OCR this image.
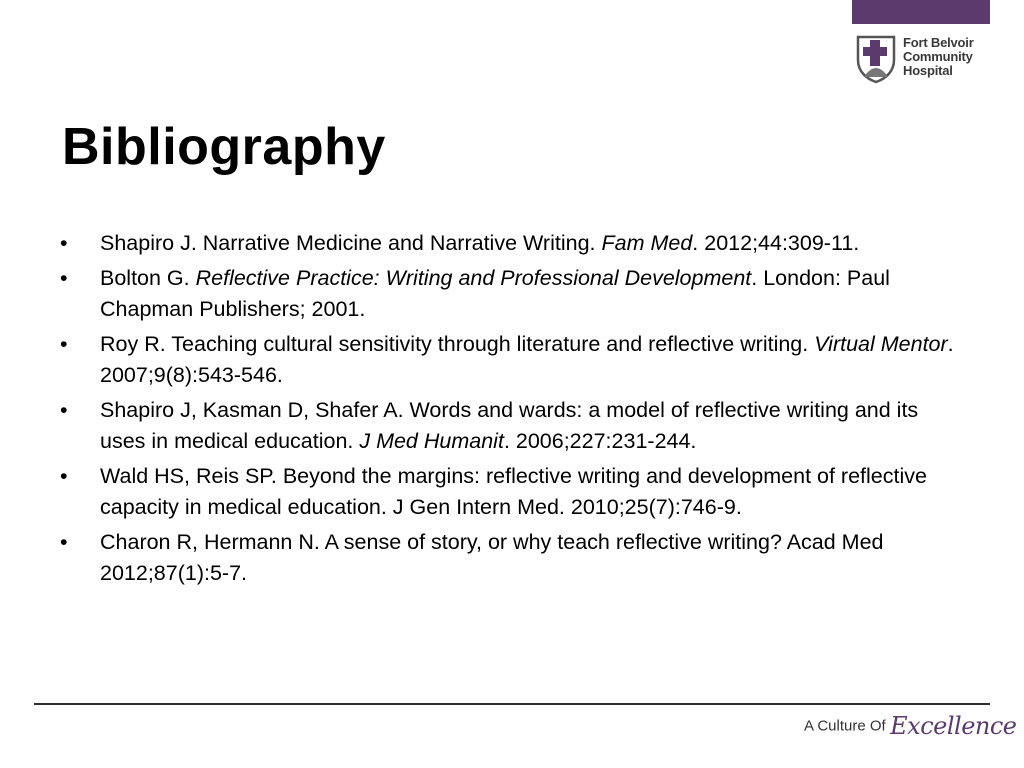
Fort Belvoir
Community
Hospital
Bibliography
•	Shapiro J. Narrative Medicine and Narrative Writing. Fam Med. 2012;44:309-11.
•	Bolton G. Reflective Practice: Writing and Professional Development. London: Paul Chapman Publishers; 2001.
•	Roy R. Teaching cultural sensitivity through literature and reflective writing. Virtual Mentor. 2007;9(8):543-546.
•	Shapiro J, Kasman D, Shafer A. Words and wards: a model of reflective writing and its uses in medical education. J Med Humanit. 2006;227:231-244.
•	Wald HS, Reis SP. Beyond the margins: reflective writing and development of reflective capacity in medical education. J Gen Intern Med. 2010;25(7):746-9.
•	Charon R, Hermann N. A sense of story, or why teach reflective writing? Acad Med 2012;87(1):5-7.
A Culture Of Excellence
